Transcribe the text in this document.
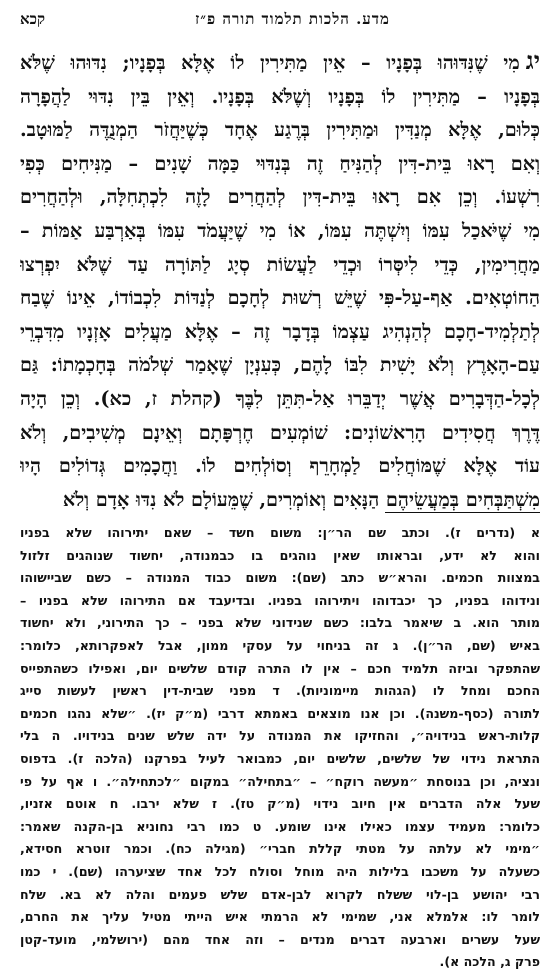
מדע. הלכות תלמוד תורה פ״ז
קכא
יגמִי שֶׁנִּדּוּהוּ בְּפָנָיו – אֵין מַתִּירִין לוֹ אֶלָּא בְּפָנָיו; נִדּוּהוּ שֶׁלֹּא
בְּפָנָיו – מַתִּירִין לוֹ בְּפָנָיו וְשֶׁלֹּא בְּפָנָיו. וְאֵין בֵּין נִדּוּי לַהֲפָרָה
כְּלוּם, אֶלָּא מְנַדִּין וּמַתִּירִין בְּרֶגַע אֶחָד כְּשֶׁיַּחֲזֹר הַמְנֻדֶּה לַמּוּטָב.
וְאִם רָאוּ בֵּית-דִּין לְהַנִּיחַ זֶה בְּנִדּוּי כַּמָּה שָׁנִים – מַנִּיחִים כְּפִי
רִשְׁעוֹ. וְכֵן אִם רָאוּ בֵּית-דִּין לְהַחֲרִים לָזֶה לִכְתְחִלָּה, וּלְהַחֲרִים
מִי שֶׁיֹּאכַל עִמּוֹ וְיִשְׁתֶּה עִמּוֹ, אוֹ מִי שֶׁיַּעֲמֹד עִמּוֹ בְּאַרְבַּע אַמּוֹת –
מַחֲרִימִין, כְּדֵי לִיסְּרוֹ וּכְדֵי לַעֲשׂוֹת סְיָג לַתּוֹרָה עַד שֶׁלֹּא יִפְרְצוּ
הַחוֹטְאִים. אַף-עַל-פִּי שֶׁיֵּשׁ רְשׁוּת לְחָכָם לְנַדּוֹת לִכְבוֹדוֹ, אֵינוֹ שֶׁבַח
לְתַלְמִיד-חָכָם לְהַנְהִיג עַצְמוֹ בְּדָבָר זֶה – אֶלָּא מַעֲלִים אָזְנָיו מִדִּבְרֵי
עַם-הָאָרֶץ וְלֹא יָשִׁית לִבּוֹ לָהֶם, כְּעִנְיָן שֶׁאָמַר שְׁלֹמֹה בְּחָכְמָתוֹ: גַּם
לְכָל-הַדְּבָרִים אֲשֶׁר יְדַבֵּרוּ אַל-תִּתֵּן לִבֶּךָ (קהלת ז, כא). וְכֵן הָיָה
דֶּרֶךְ חֲסִידִים הָרִאשׁוֹנִים: שׁוֹמְעִים חֶרְפָּתָם וְאֵינָם מְשִׁיבִים, וְלֹא
עוֹד אֶלָּא שֶׁמּוֹחֲלִים לַמְחָרֵף וְסוֹלְחִים לוֹ. וַחֲכָמִים גְּדוֹלִים הָיוּ
מִשְׁתַּבְּחִים בְּמַעֲשֵׂיהֶם הַנָּאִים וְאוֹמְרִים, שֶׁמֵּעוֹלָם לֹא נִדּוּ אָדָם וְלֹא
א (נדרים ז). וכתב שם הר״ן: משום חשד – שאם יתירוהו שלא בפניו
והוא לא ידע, ובראותו שאין נוהגים בו כבמנודה, יחשוד שנוהגים זלזול
במצוות חכמים. והרא״ש כתב (שם): משום כבוד המנודה – כשם שביישוהו
ונידוהו בפניו, כך יכבדוהו ויתירוהו בפניו. ובדיעבד אם התירוהו שלא בפניו –
מותר הוא. ב שיאמר בלבו: כשם שנידוני שלא בפני – כך התירוני, ולא יחשוד
באיש (שם, הר״ן). ג זה בניחוי על עסקי ממון, אבל לאפקרותא, כלומר:
שהתפקר וביזה תלמיד חכם – אין לו התרה קודם שלשים יום, ואפילו כשהתפייס
החכם ומחל לו (הגהות מיימוניות). ד מפני שבית-דין ראשין לעשות סייג
לתורה (כסף-משנה). וכן אנו מוצאים באמתא דרבי (מ״ק יז). ״שלא נהגו חכמים
קלות-ראש בנידויה״, והחזיקו את המנודה על ידה שלש שנים בנידויו. ה בלי
התראת נידוי של שלשים, שלשים יום, כמבואר לעיל בפרקנו (הלכה ז). בדפוס
ונציה, וכן בנוסחת ״מעשה רוקח״ – ״בתחילה״ במקום ״לכתחילה״. ו אף על פי
שעל אלה הדברים אין חיוב נידוי (מ״ק טז). ז שלא ירבו. ח אוטם אזניו,
כלומר: מעמיד עצמו כאילו אינו שומע. ט כמו רבי נחוניא בן-הקנה שאמר:
״מימי לא עלתה על מטתי קללת חברי״ (מגילה כח). וכמר זוטרא חסידא,
כשעלה על משכבו בלילות היה מוחל וסולח לכל אחד שציערהו (שם). י כמו
רבי יהושע בן-לוי ששלח לקרוא לבן-אדם שלש פעמים והלה לא בא. שלח
לומר לו: אלמלא אני, שמימי לא הרמתי איש הייתי מטיל עליך את החרם,
שעל עשרים וארבעה דברים מנדים – וזה אחד מהם (ירושלמי, מועד-קטן
פרק ג, הלכה א).
